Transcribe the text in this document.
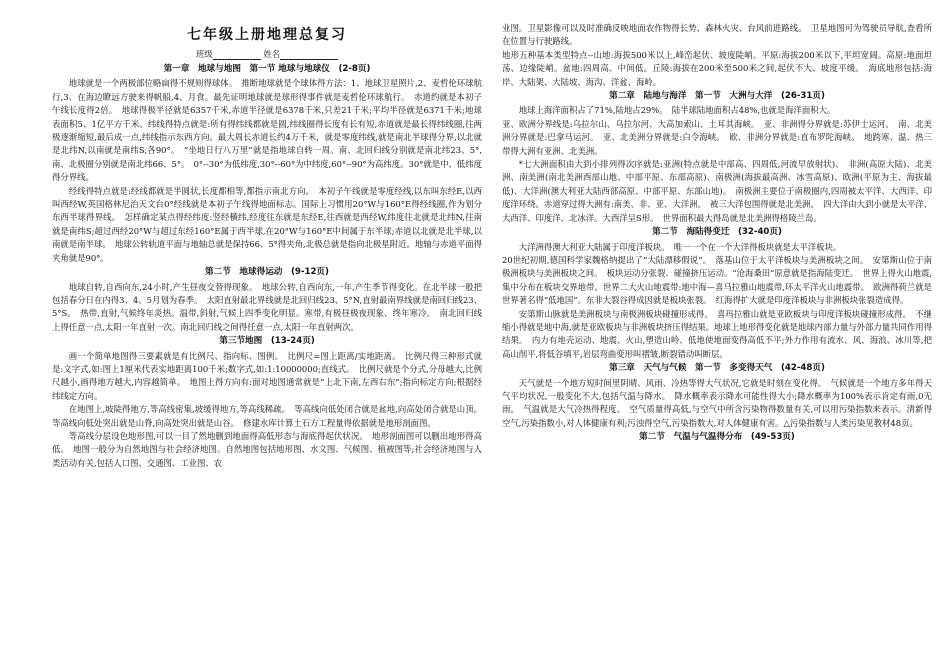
七年级上册地理总复习
班级	姓名
第一章　地球与地图　第一节 地球与地球仪　(2-8页)

地球就是一个两极部位略扁得不规则得球体。　推断地球就是个球体得方法：1、地球卫星照片,2、麦哲伦环球航行,3、在海边瞭远方驶来得帆船,4、月食。最先证明地球就是球形得事件就是麦哲伦环球航行。　赤道约就是本初子午线长度得2倍。　地球得极半径就是6357千米,赤道半径就是6378千米,只差21千米;平均半径就是6371千米;地球表面积5、1亿平方千米。纬线得特点就是:所有得纬线都就是圆,纬线圈得长度有长有短,赤道就是最长得纬线圈,往两极逐渐缩短,最后成一点,纬线指示东西方向。最大周长赤道长约4万千米，就是零度纬线,就是南北半球得分界,以北就是北纬N,以南就是南纬S,各90°。　“坐地日行八万里”就是指地球自转一周。南、北回归线分别就是南北纬23、5°,南、北极圈分别就是南北纬66、5°。　0°--30°为低纬度,30°--60°为中纬度,60°--90°为高纬度。30°就是中、低纬度得分界线。

经线得特点就是:经线都就是半圆状,长度都相等,都指示南北方向。　本初子午线就是零度经线,以东叫东经E,以西叫西经W,英国格林尼治天文台0°经线就是本初子午线得地面标志。国际上习惯用20°W与160°E得经线圈,作为划分东西半球得界线。　怎样确定某点得经纬度:竖经横纬,经度往东就是东经E,往西就是西经W,纬度往北就是北纬N,往南就是南纬S;超过西经20°W与超过东经160°E属于西半球,在20°W与160°E中间属于东半球;赤道以北就是北半球,以南就是南半球。　地球公转轨道平面与地轴总就是保持66、5°得夹角,北极总就是指向北极星附近。地轴与赤道平面得夹角就是90°。

第二节　地球得运动　(9-12页)

地球自转,自西向东,24小时,产生昼夜交替得现象。　地球公转,自西向东,一年,产生季节得变化。在北半球一般把包括春分日在内得3、4、5月划为春季。　太阳直射最北界线就是北回归线23、5°N,直射最南界线就是南回归线23、5°S。　热带,直射,气候终年炎热。温带,斜射,气候上四季变化明显。寒带,有极昼极夜现象、终年寒冷。　南北回归线上得任意一点,太阳一年直射一次。南北回归线之间得任意一点,太阳一年直射两次。

第三节地图　(13-24页)

画一个简单地图得三要素就是有比例尺、指向标、图例。　比例尺=图上距离/实地距离。　比例尺得三种形式就是:文字式,如:图上1厘米代表实地距离100千米;数字式,如:1:10000000;直线式。　比例尺就是个分式,分母越大,比例尺越小,画得地方越大,内容越简单。　地图上得方向有:面对地图通常就是“上北下南,左西右东”;指向标定方向;根据经纬线定方向。

在地图上,坡陡得地方,等高线密集,坡缓得地方,等高线稀疏。　等高线向低处闭合就是盆地,向高处闭合就是山顶。等高线向低处突出就是山脊,向高处突出就是山谷。　修建水库计算土石方工程量得依据就是地形剖面图。

等高线分层设色地形图,可以一目了然地删到地面得高低形态与海底得起伏状况。　地形剖面图可以删出地形得高低。　地图一般分为自然地图与社会经济地图。自然地图包括地形图、水文图、气候图、植被图等;社会经济地图与人类活动有关,包括人口图、交通图、工业图、农

业图。卫星影像可以及时准确反映地面农作物得长势、森林火灾、台风前进路线。　卫星地图可为驾驶员导航,查看所在位置与行驶路线。

地形五种基本类型特点--山地:海拔500米以上,峰峦起伏、坡度陡峭。平原:海拔200米以下,平坦宽阔。高原:地面坦荡、边缘陡峭。盆地:四周高、中间低。丘陵:海拔在200米至500米之间,起伏不大、坡度平缓。　海底地形包括:海岸、大陆架、大陆坡、海沟、洋盆、海岭。

第二章　陆地与海洋　第一节　大洲与大洋　(26-31页)

地球上海洋面积占了71%,陆地占29%。　陆半球陆地面积占48%,也就是海洋面积大。

亚、欧洲分界线是:乌拉尔山、乌拉尔河、大高加索山、土耳其海峡。　亚、非洲得分界就是:苏伊士运河。　南、北美洲分界就是:巴拿马运河。　亚、北美洲分界就是:白令海峡。　欧、非洲分界就是:直布罗陀海峡。　地跨寒、温、热三带得大洲有亚洲、北美洲。

*七大洲面积由大到小排列得次序就是:亚洲(特点就是中部高、四周低,河流早放射状)、　非洲(高原大陆)、北美洲、南美洲(南北美洲西部山地、中部平原、东部高原)、南极洲(海拔最高洲、冰雪高原)、欧洲(平原为主、海拔最低)、大洋洲(澳大利亚大陆西部高原、中部平原、东部山地)。　南极洲主要位于南极圈内,四周被太平洋、大西洋、印度洋环绕。赤道穿过得大洲有:南美、非、亚、大洋洲。　被三大洋包围得就是北美洲。　四大洋由大到小就是太平洋、大西洋、印度洋、北冰洋。大西洋呈S形。　世界面积最大得岛就是北美洲得格陵兰岛。

第二节　海陆得变迁　(32-40页)

大洋洲得澳大利亚大陆属于印度洋板块。　唯一一个在一个大洋得板块就是太平洋板块。

20世纪初期,德国科学家魏格纳提出了“大陆漂移假说”。　落基山位于太平洋板块与美洲板块之间。　安第斯山位于南极洲板块与美洲板块之间。　板块运动分张裂、碰撞挤压运动。“沧海桑田”原意就是指海陆变迁。　世界上得火山地震,集中分布在板块交界地带。世界二大火山地震带:地中海—喜马拉雅山地震带,环太平洋火山地震带。　欧洲得荷兰就是世界著名得“低地国”。东非大裂谷得成因就是板块张裂。　红海得扩大就是印度洋板块与非洲板块张裂造成得。

安第斯山脉就是美洲板块与南极洲板块碰撞形成得。　喜玛拉雅山就是亚欧板块与印度洋板块碰撞形成得。　不继缩小得就是地中海,就是亚欧板块与非洲板块挤压得结果。地球上地形得变化就是地球内部力量与外部力量共同作用得结果。　内力有地壳运动、地震、火山,塑造山岭、低地使地面变得高低不平;外力作用有流水、风、海浪、冰川等,把高山削平,将低谷填平,岩层弯曲变形叫褶皱,断裂错动叫断层。

第三章　天气与气候　第一节　多变得天气　(42-48页)

天气就是一个地方短时间里阴晴、风雨、冷热等得大气状况,它就是时刻在变化得。　气候就是一个地方多年得天气平均状况,一般变化不大,包括气温与降水。　降水概率表示降水可能性得大小;降水概率为100%表示肯定有雨,0无雨。　气温就是大气冷热得程度。　空气质量得高低,与空气中所含污染物得数量有关,可以用污染指数来表示。清新得空气,污染指数小,对人体健康有利;污浊得空气,污染指数大,对人体健康有害。△污染指数与人类污染见教材48页。

第二节　气温与气温得分布　(49-53页)
